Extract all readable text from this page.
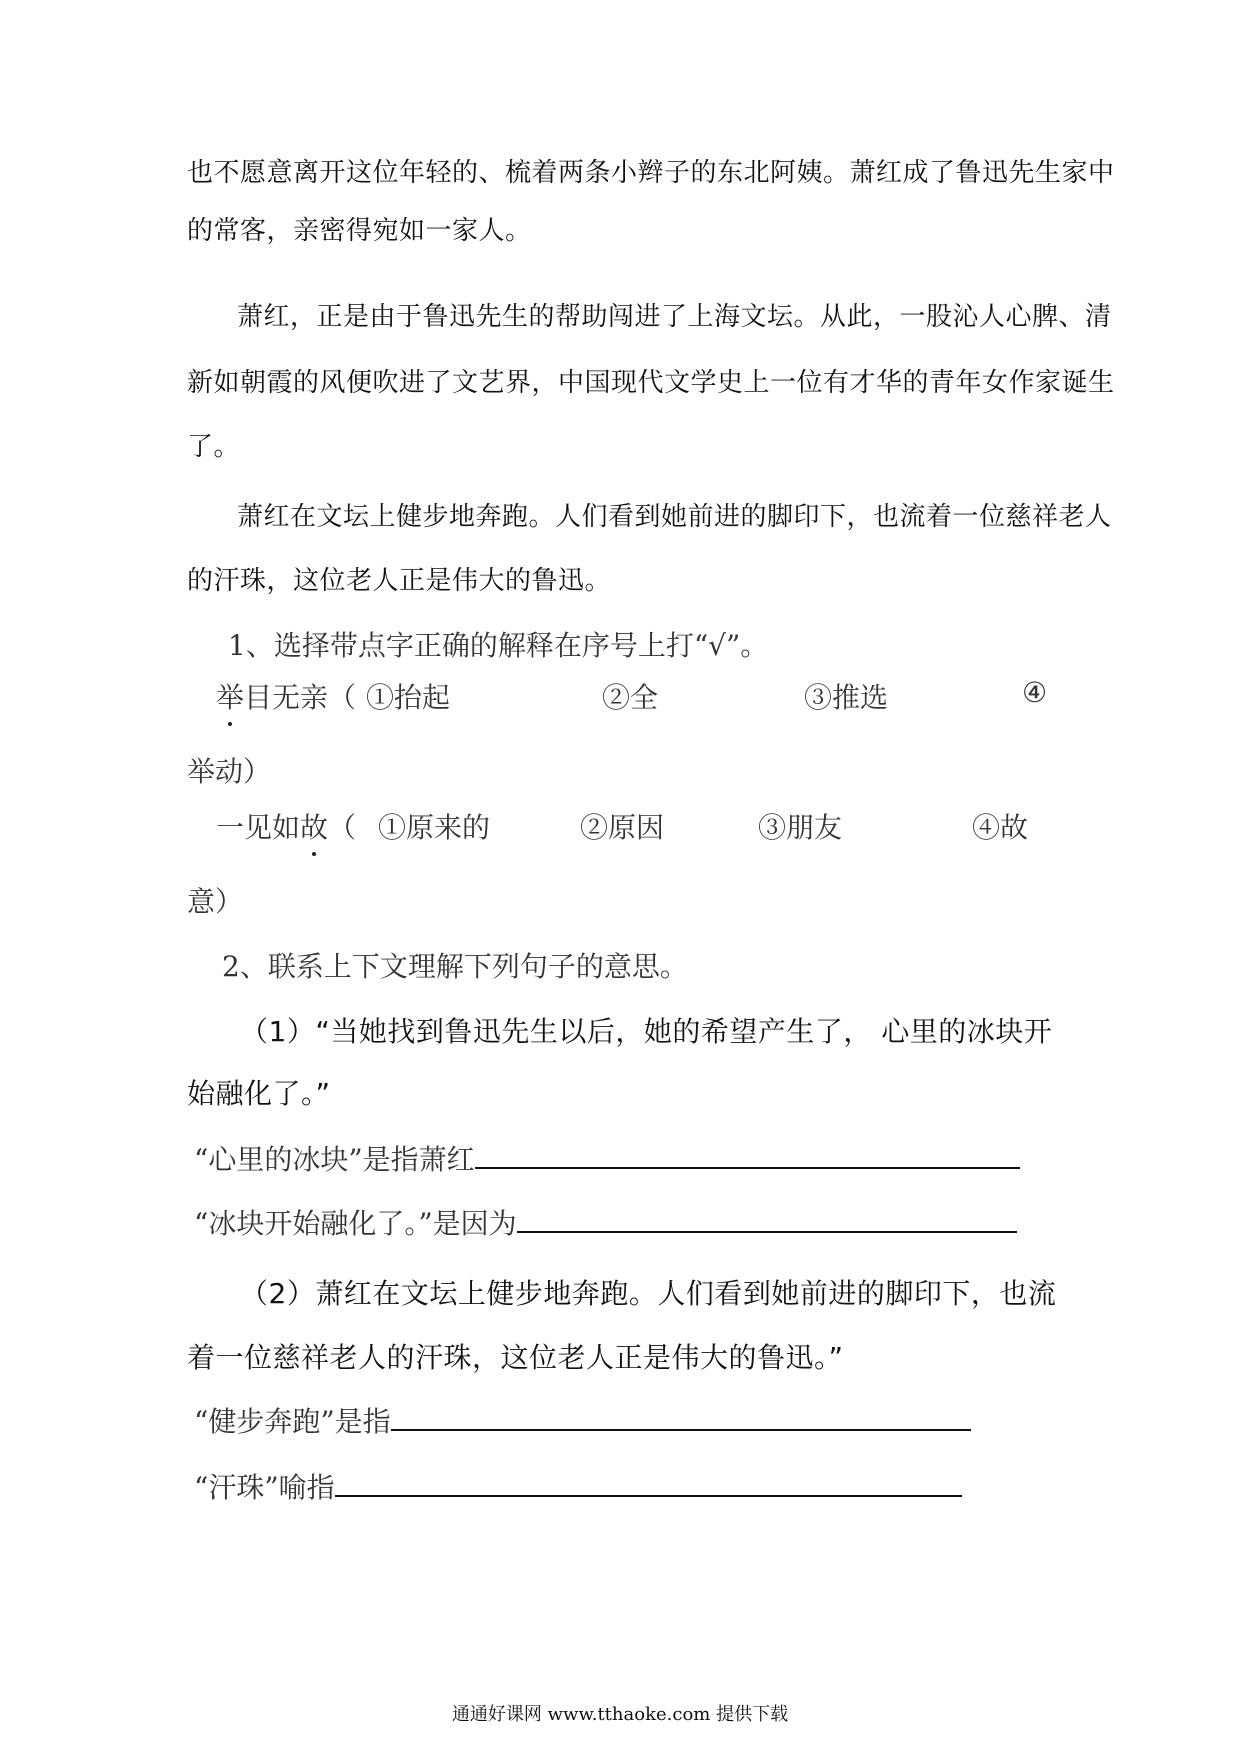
也不愿意离开这位年轻的、梳着两条小辫子的东北阿姨。萧红成了鲁迅先生家中
的常客，亲密得宛如一家人。
萧红，正是由于鲁迅先生的帮助闯进了上海文坛。从此，一股沁人心脾、清
新如朝霞的风便吹进了文艺界，中国现代文学史上一位有才华的青年女作家诞生
了。
萧红在文坛上健步地奔跑。人们看到她前进的脚印下，也流着一位慈祥老人
的汗珠，这位老人正是伟大的鲁迅。
1、选择带点字正确的解释在序号上打“√”。
举目无亲（ ①抬起	②全	③推选	④
举动）
一见如故（ ①原来的	②原因	③朋友	④故
意）
2、联系上下文理解下列句子的意思。
（1）“当她找到鲁迅先生以后，她的希望产生了， 心里的冰块开
始融化了。”
“心里的冰块”是指萧红
“冰块开始融化了。”是因为
（2）萧红在文坛上健步地奔跑。人们看到她前进的脚印下，也流
着一位慈祥老人的汗珠，这位老人正是伟大的鲁迅。”
“健步奔跑”是指
“汗珠”喻指
通通好课网 www.tthaoke.com 提供下载
